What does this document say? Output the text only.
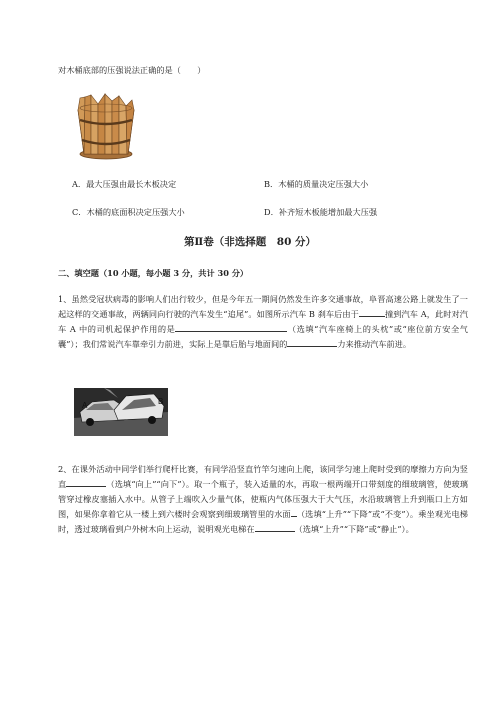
对木桶底部的压强说法正确的是（　　）
A．最大压强由最长木板决定	B．木桶的质量决定压强大小
C．木桶的底面积决定压强大小	D．补齐短木板能增加最大压强
第Ⅱ卷（非选择题　80 分）
二、填空题（10 小题，每小题 3 分，共计 30 分）
1、虽然受冠状病毒的影响人们出行较少，但是今年五一期间仍然发生许多交通事故，阜晋高速公路上就发生了一起这样的交通事故，两辆同向行驶的汽车发生“追尾”。如图所示汽车 B 刹车后由于	撞到汽车 A，此时对汽车 A 中的司机起保护作用的是	（选填“汽车座椅上的头枕”或“座位前方安全气囊”）；我们常说汽车靠牵引力前进，实际上是靠后胎与地面间的	力来推动汽车前进。
A	B
2、在课外活动中同学们举行爬杆比赛，有同学沿竖直竹竿匀速向上爬，该同学匀速上爬时受到的摩擦力方向为竖直	（选填“向上”“向下”）。取一个瓶子，装入适量的水，再取一根两端开口带刻度的细玻璃管，使玻璃管穿过橡皮塞插入水中。从管子上端吹入少量气体，使瓶内气体压强大于大气压，水沿玻璃管上升到瓶口上方如图，如果你拿着它从一楼上到六楼时会观察到细玻璃管里的水面 （选填“上升”“下降”或“不变”）。乘坐观光电梯时，透过玻璃看到户外树木向上运动，说明观光电梯在	（选填“上升”“下降”或“静止”）。
